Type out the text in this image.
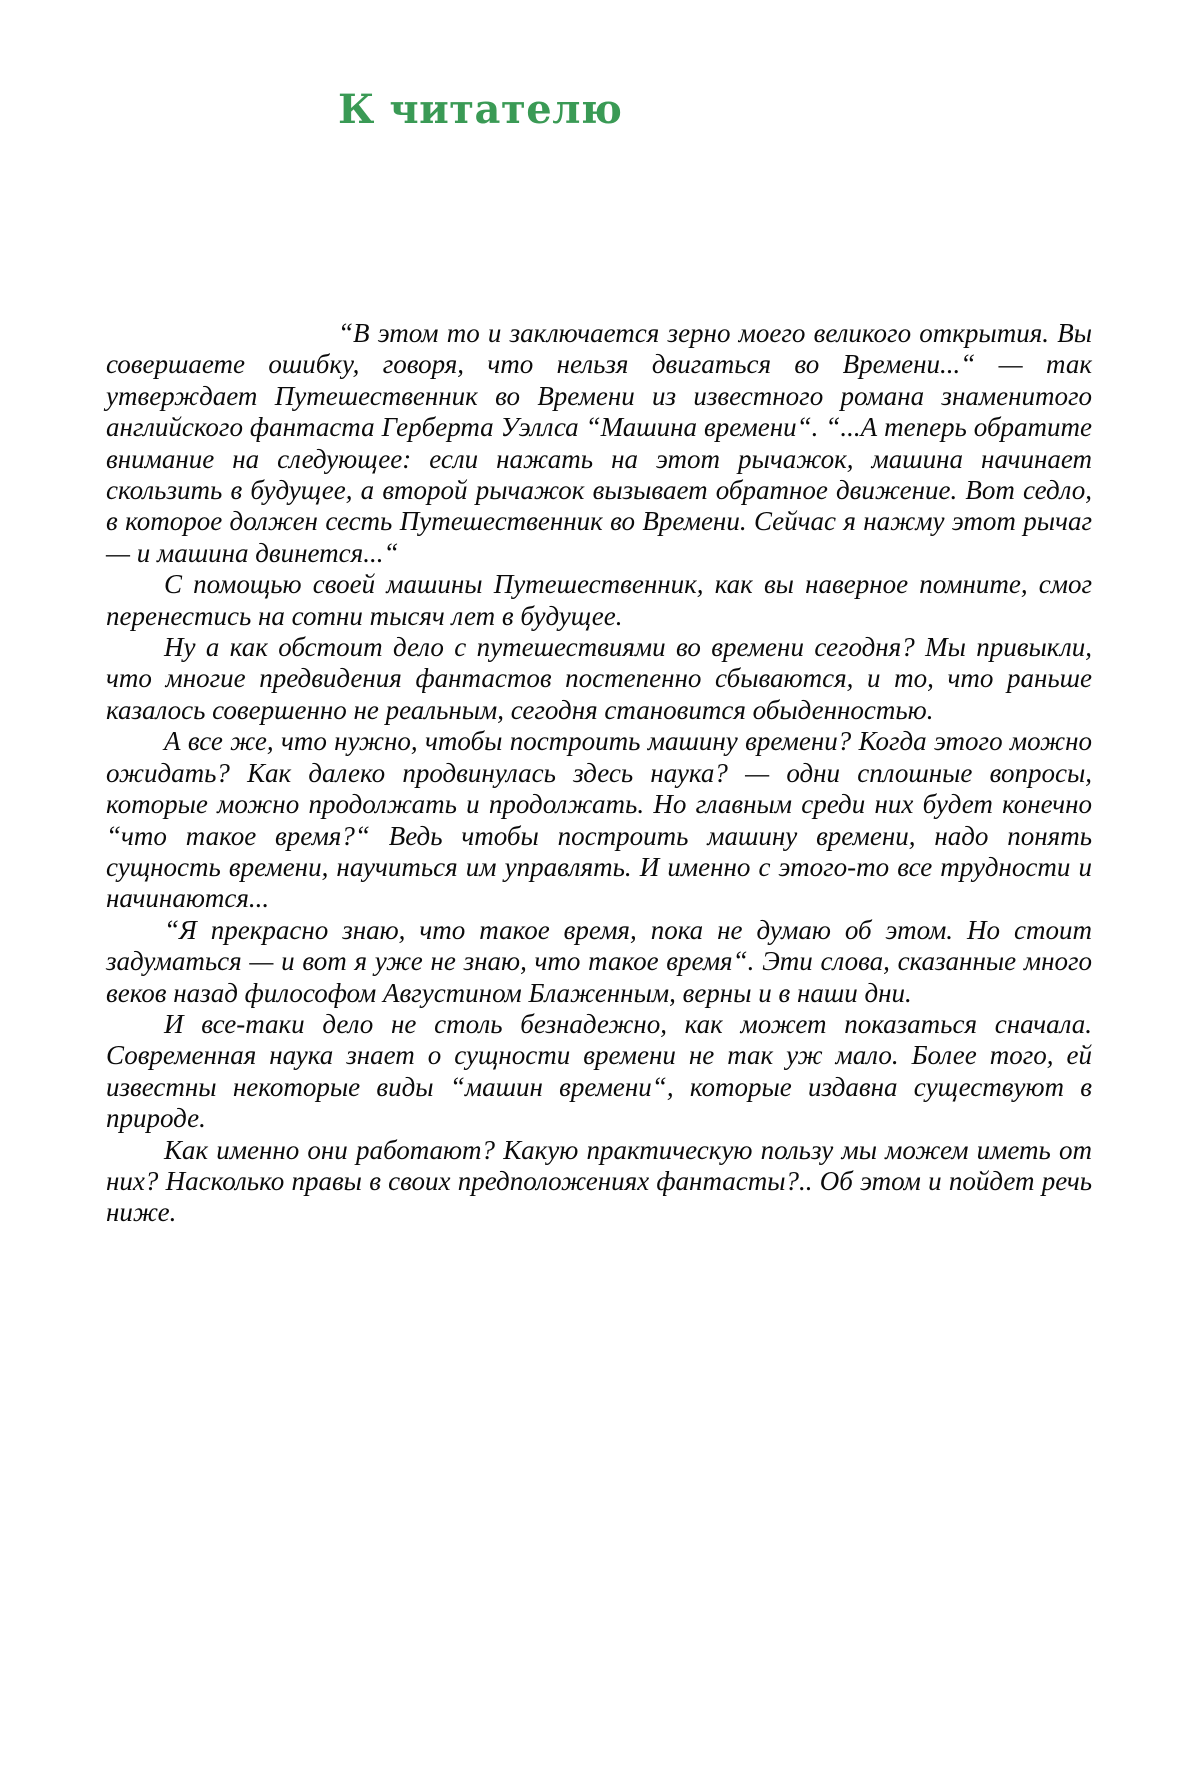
К читателю

“В этом то и заключается зерно моего великого открытия. Вы совершаете ошибку, говоря, что нельзя двигаться во Времени...“ — так утверждает Путешественник во Времени из известного романа знаменитого английского фантаста Герберта Уэллса “Машина времени“. “...А теперь обратите внимание на следующее: если нажать на этот рычажок, машина начинает скользить в будущее, а второй рычажок вызывает обратное движение. Вот седло, в которое должен сесть Путешественник во Времени. Сейчас я нажму этот рычаг — и машина двинется...“

С помощью своей машины Путешественник, как вы наверное помните, смог перенестись на сотни тысяч лет в будущее.

Ну а как обстоит дело с путешествиями во времени сегодня? Мы привыкли, что многие предвидения фантастов постепенно сбываются, и то, что раньше казалось совершенно не реальным, сегодня становится обыденностью.

А все же, что нужно, чтобы построить машину времени? Когда этого можно ожидать? Как далеко продвинулась здесь наука? — одни сплошные вопросы, которые можно продолжать и продолжать. Но главным среди них будет конечно “что такое время?“ Ведь чтобы построить машину времени, надо понять сущность времени, научиться им управлять. И именно с этого-то все трудности и начинаются...

“Я прекрасно знаю, что такое время, пока не думаю об этом. Но стоит задуматься — и вот я уже не знаю, что такое время“. Эти слова, сказанные много веков назад философом Августином Блаженным, верны и в наши дни.

И все-таки дело не столь безнадежно, как может показаться сначала. Современная наука знает о сущности времени не так уж мало. Более того, ей известны некоторые виды “машин времени“, которые издавна существуют в природе.

Как именно они работают? Какую практическую пользу мы можем иметь от них? Насколько правы в своих предположениях фантасты?.. Об этом и пойдет речь ниже.
